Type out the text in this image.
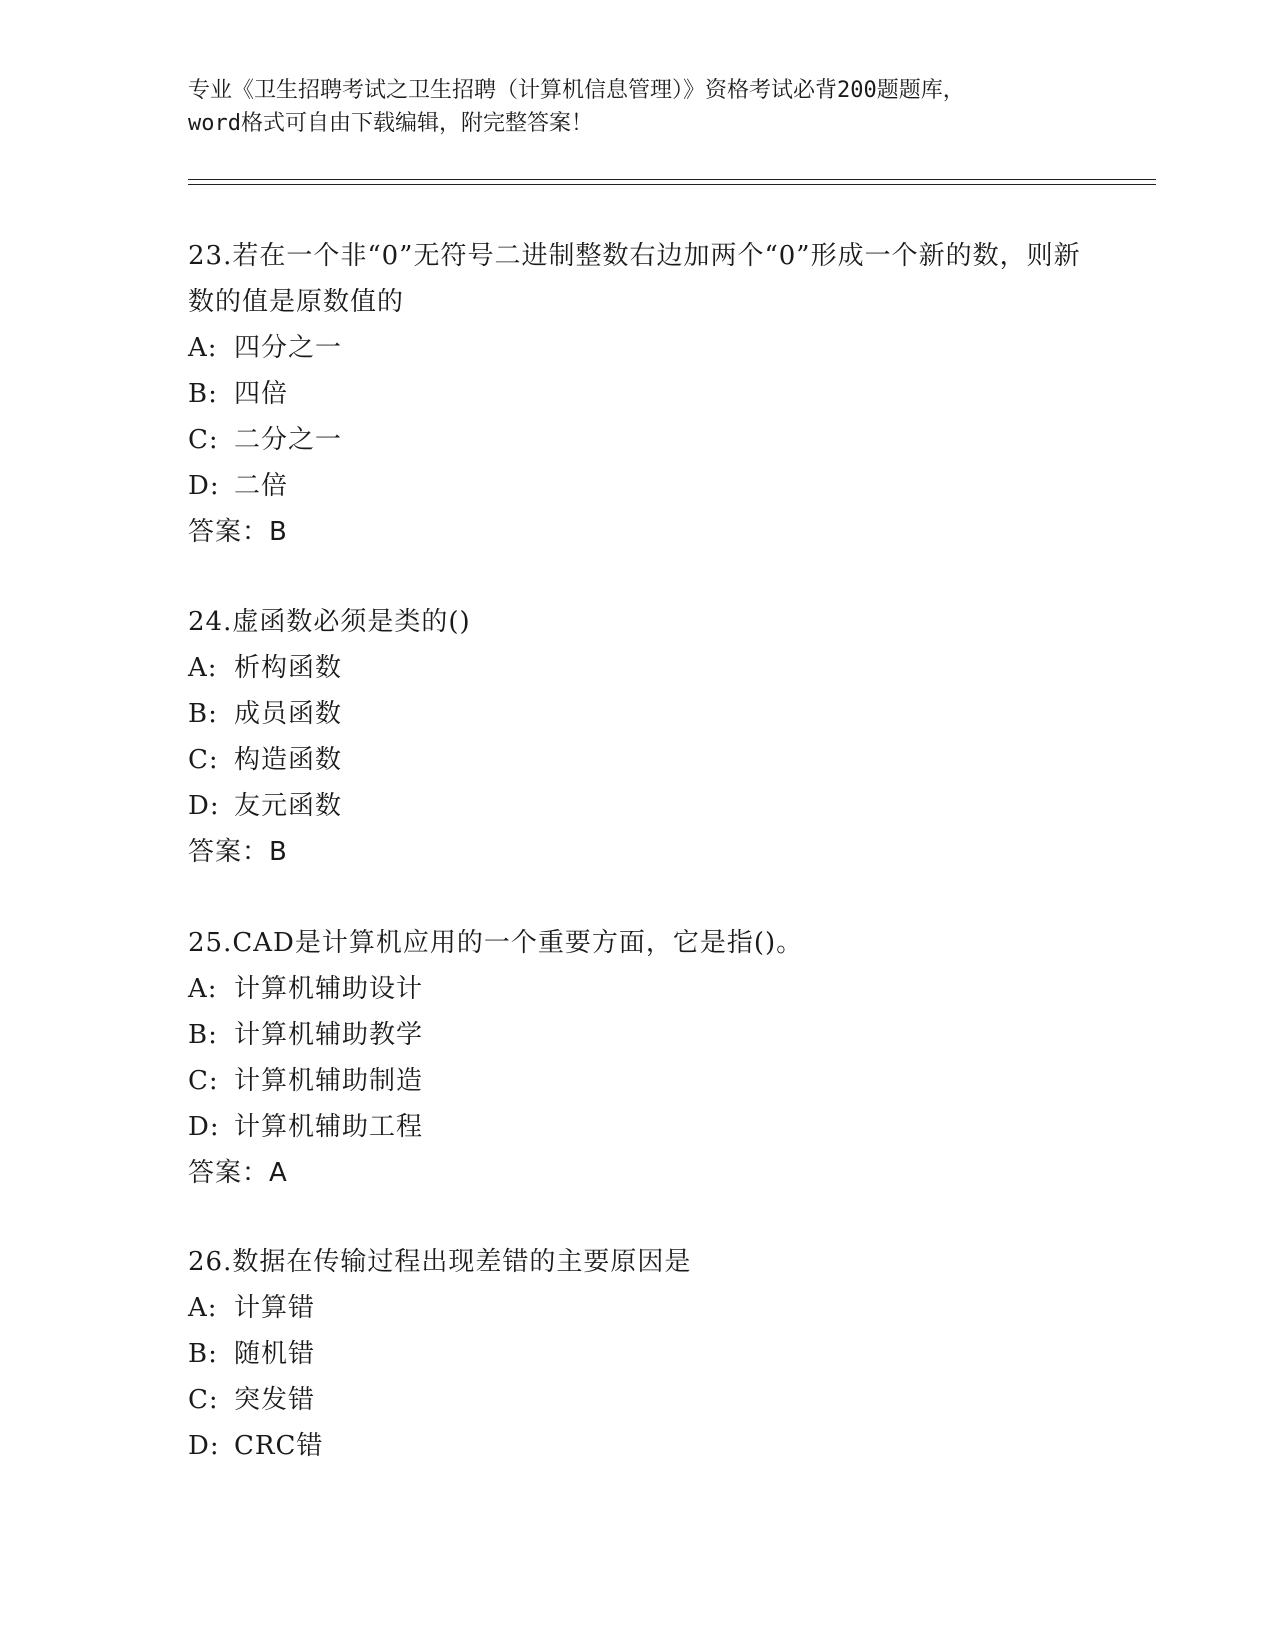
专业《卫生招聘考试之卫生招聘（计算机信息管理）》资格考试必背200题题库，
word格式可自由下载编辑，附完整答案！

23.若在一个非“0”无符号二进制整数右边加两个“0”形成一个新的数，则新数的值是原数值的

A: 四分之一

B: 四倍

C: 二分之一

D: 二倍

答案：B

24.虚函数必须是类的()

A: 析构函数

B: 成员函数

C: 构造函数

D: 友元函数

答案：B

25.CAD是计算机应用的一个重要方面，它是指()。

A: 计算机辅助设计

B: 计算机辅助教学

C: 计算机辅助制造

D: 计算机辅助工程

答案：A

26.数据在传输过程出现差错的主要原因是

A: 计算错

B: 随机错

C: 突发错

D: CRC错
